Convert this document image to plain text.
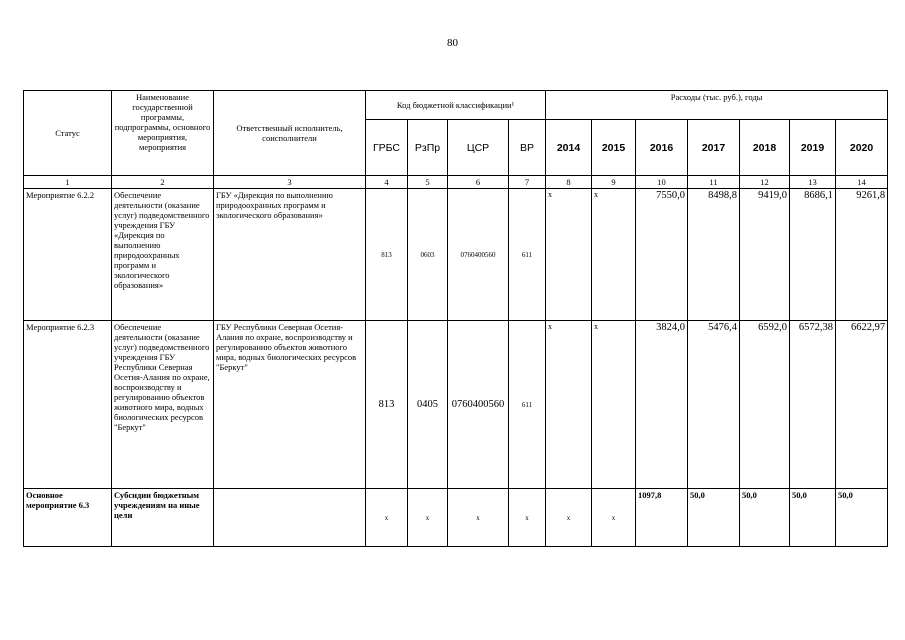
80
Статус	Наименование государственной программы, подпрограммы, основного мероприятия, мероприятия	Ответственный исполнитель, соисполнители	Код бюджетной классификации¹				Расходы (тыс. руб.), годы						
			ГРБС	РзПр	ЦСР	ВР	2014	2015	2016	2017	2018	2019	2020
1	2	3	4	5	6	7	8	9	10	11	12	13	14
Мероприятие 6.2.2	Обеспечение деятельности (оказание услуг) подведомственного учреждения ГБУ «Дирекция по выполнению природоохранных программ и экологического образования»	ГБУ «Дирекция по выполнению природоохранных программ и экологического образования»	813	0603	0760400560	611	x	x	7550,0	8498,8	9419,0	8686,1	9261,8
Мероприятие 6.2.3	Обеспечение деятельности (оказание услуг) подведомственного учреждения ГБУ Республики Северная Осетия-Алания по охране, воспроизводству и регулированию объектов животного мира, водных биологических ресурсов "Беркут"	ГБУ Республики Северная Осетия-Алания по охране, воспроизводству и регулированию объектов животного мира, водных биологических ресурсов "Беркут"	813	0405	0760400560	611	x	x	3824,0	5476,4	6592,0	6572,38	6622,97
Основное мероприятие 6.3	Субсидии бюджетным учреждениям на иные цели		х	х	х	х	х	х	1097,8	50,0	50,0	50,0	50,0
